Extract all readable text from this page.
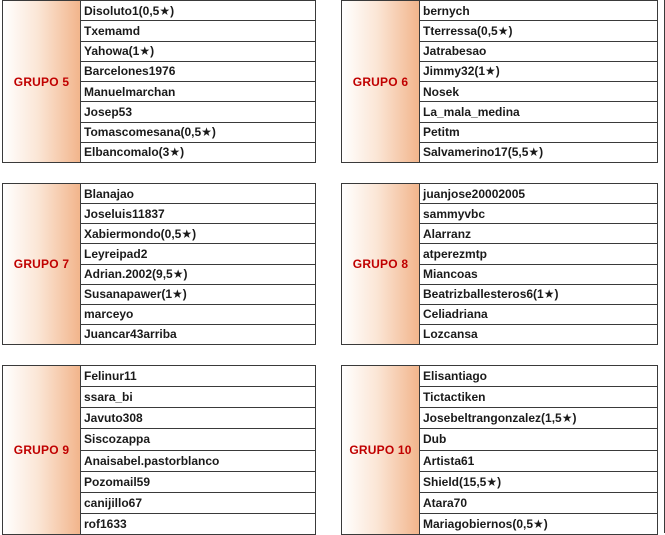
GRUPO 5
Disoluto1(0,5★)
Txemamd
Yahowa(1★)
Barcelones1976
Manuelmarchan
Josep53
Tomascomesana(0,5★)
Elbancomalo(3★)
GRUPO 6
bernych
Tterressa(0,5★)
Jatrabesao
Jimmy32(1★)
Nosek
La_mala_medina
Petitm
Salvamerino17(5,5★)
GRUPO 7
Blanajao
Joseluis11837
Xabiermondo(0,5★)
Leyreipad2
Adrian.2002(9,5★)
Susanapawer(1★)
marceyo
Juancar43arriba
GRUPO 8
juanjose20002005
sammyvbc
Alarranz
atperezmtp
Miancoas
Beatrizballesteros6(1★)
Celiadriana
Lozcansa
GRUPO 9
Felinur11
ssara_bi
Javuto308
Siscozappa
Anaisabel.pastorblanco
Pozomail59
canijillo67
rof1633
GRUPO 10
Elisantiago
Tictactiken
Josebeltrangonzalez(1,5★)
Dub
Artista61
Shield(15,5★)
Atara70
Mariagobiernos(0,5★)
